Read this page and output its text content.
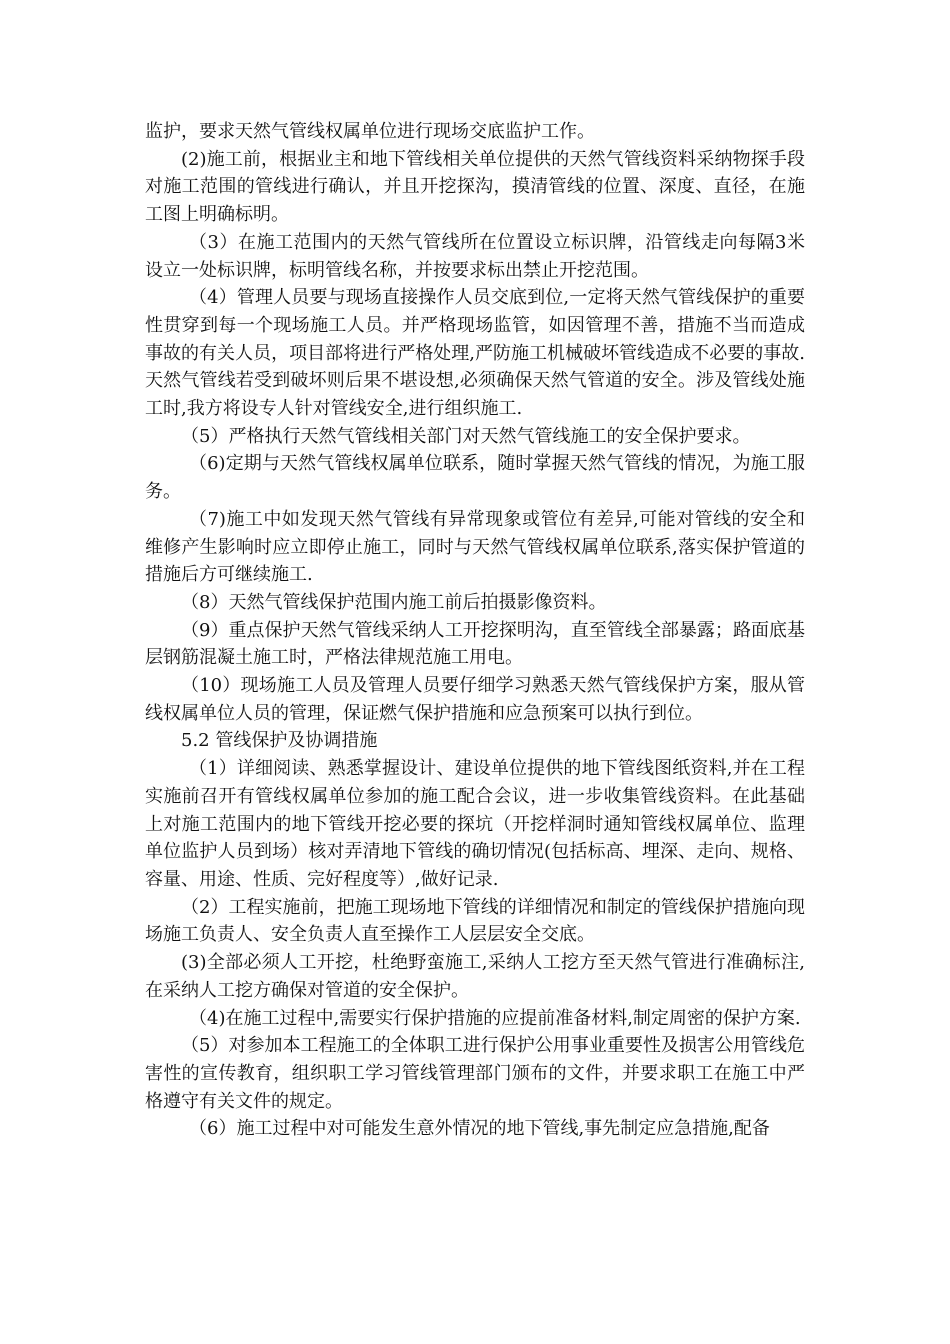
监护，要求天然气管线权属单位进行现场交底监护工作。

(2)施工前，根据业主和地下管线相关单位提供的天然气管线资料采纳物探手段对施工范围的管线进行确认，并且开挖探沟，摸清管线的位置、深度、直径，在施工图上明确标明。

（3）在施工范围内的天然气管线所在位置设立标识牌，沿管线走向每隔3米设立一处标识牌，标明管线名称，并按要求标出禁止开挖范围。

（4）管理人员要与现场直接操作人员交底到位,一定将天然气管线保护的重要性贯穿到每一个现场施工人员。并严格现场监管，如因管理不善，措施不当而造成事故的有关人员，项目部将进行严格处理,严防施工机械破坏管线造成不必要的事故.天然气管线若受到破坏则后果不堪设想,必须确保天然气管道的安全。涉及管线处施工时,我方将设专人针对管线安全,进行组织施工.

（5）严格执行天然气管线相关部门对天然气管线施工的安全保护要求。

（6)定期与天然气管线权属单位联系，随时掌握天然气管线的情况，为施工服务。

（7)施工中如发现天然气管线有异常现象或管位有差异,可能对管线的安全和维修产生影响时应立即停止施工，同时与天然气管线权属单位联系,落实保护管道的措施后方可继续施工.

（8）天然气管线保护范围内施工前后拍摄影像资料。

（9）重点保护天然气管线采纳人工开挖探明沟，直至管线全部暴露；路面底基层钢筋混凝土施工时，严格法律规范施工用电。

（10）现场施工人员及管理人员要仔细学习熟悉天然气管线保护方案，服从管线权属单位人员的管理，保证燃气保护措施和应急预案可以执行到位。

5.2 管线保护及协调措施

（1）详细阅读、熟悉掌握设计、建设单位提供的地下管线图纸资料,并在工程实施前召开有管线权属单位参加的施工配合会议，进一步收集管线资料。在此基础上对施工范围内的地下管线开挖必要的探坑（开挖样洞时通知管线权属单位、监理单位监护人员到场）核对弄清地下管线的确切情况(包括标高、埋深、走向、规格、容量、用途、性质、完好程度等）,做好记录.

（2）工程实施前，把施工现场地下管线的详细情况和制定的管线保护措施向现场施工负责人、安全负责人直至操作工人层层安全交底。

(3)全部必须人工开挖，杜绝野蛮施工,采纳人工挖方至天然气管进行准确标注,在采纳人工挖方确保对管道的安全保护。

（4)在施工过程中,需要实行保护措施的应提前准备材料,制定周密的保护方案.

（5）对参加本工程施工的全体职工进行保护公用事业重要性及损害公用管线危害性的宣传教育，组织职工学习管线管理部门颁布的文件，并要求职工在施工中严格遵守有关文件的规定。

（6）施工过程中对可能发生意外情况的地下管线,事先制定应急措施,配备
